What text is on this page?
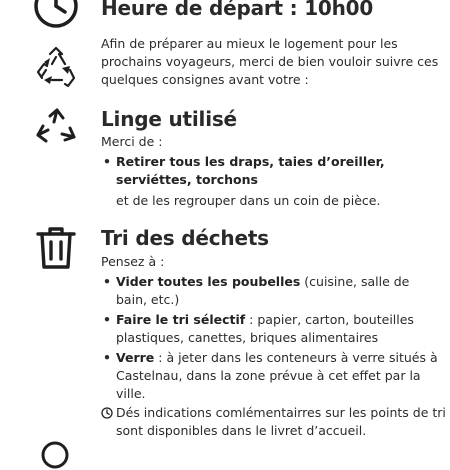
Heure de départ : 10h00

Afin de préparer au mieux le logement pour les prochains voyageurs, merci de bien vouloir suivre ces quelques consignes avant votre :

Linge utilisé

Merci de :

• Retirer tous les draps, taies d’oreiller, serviéttes, torchons

et de les regrouper dans un coin de pièce.

Tri des déchets

Pensez à :

• Vider toutes les poubelles (cuisine, salle de bain, etc.)
• Faire le tri sélectif : papier, carton, bouteilles plastiques, canettes, briques alimentaires
• Verre : à jeter dans les conteneurs à verre situés à Castelnau, dans la zone prévue à cet effet par la ville.
Dés indications comlémentairres sur les points de tri sont disponibles dans le livret d’accueil.
